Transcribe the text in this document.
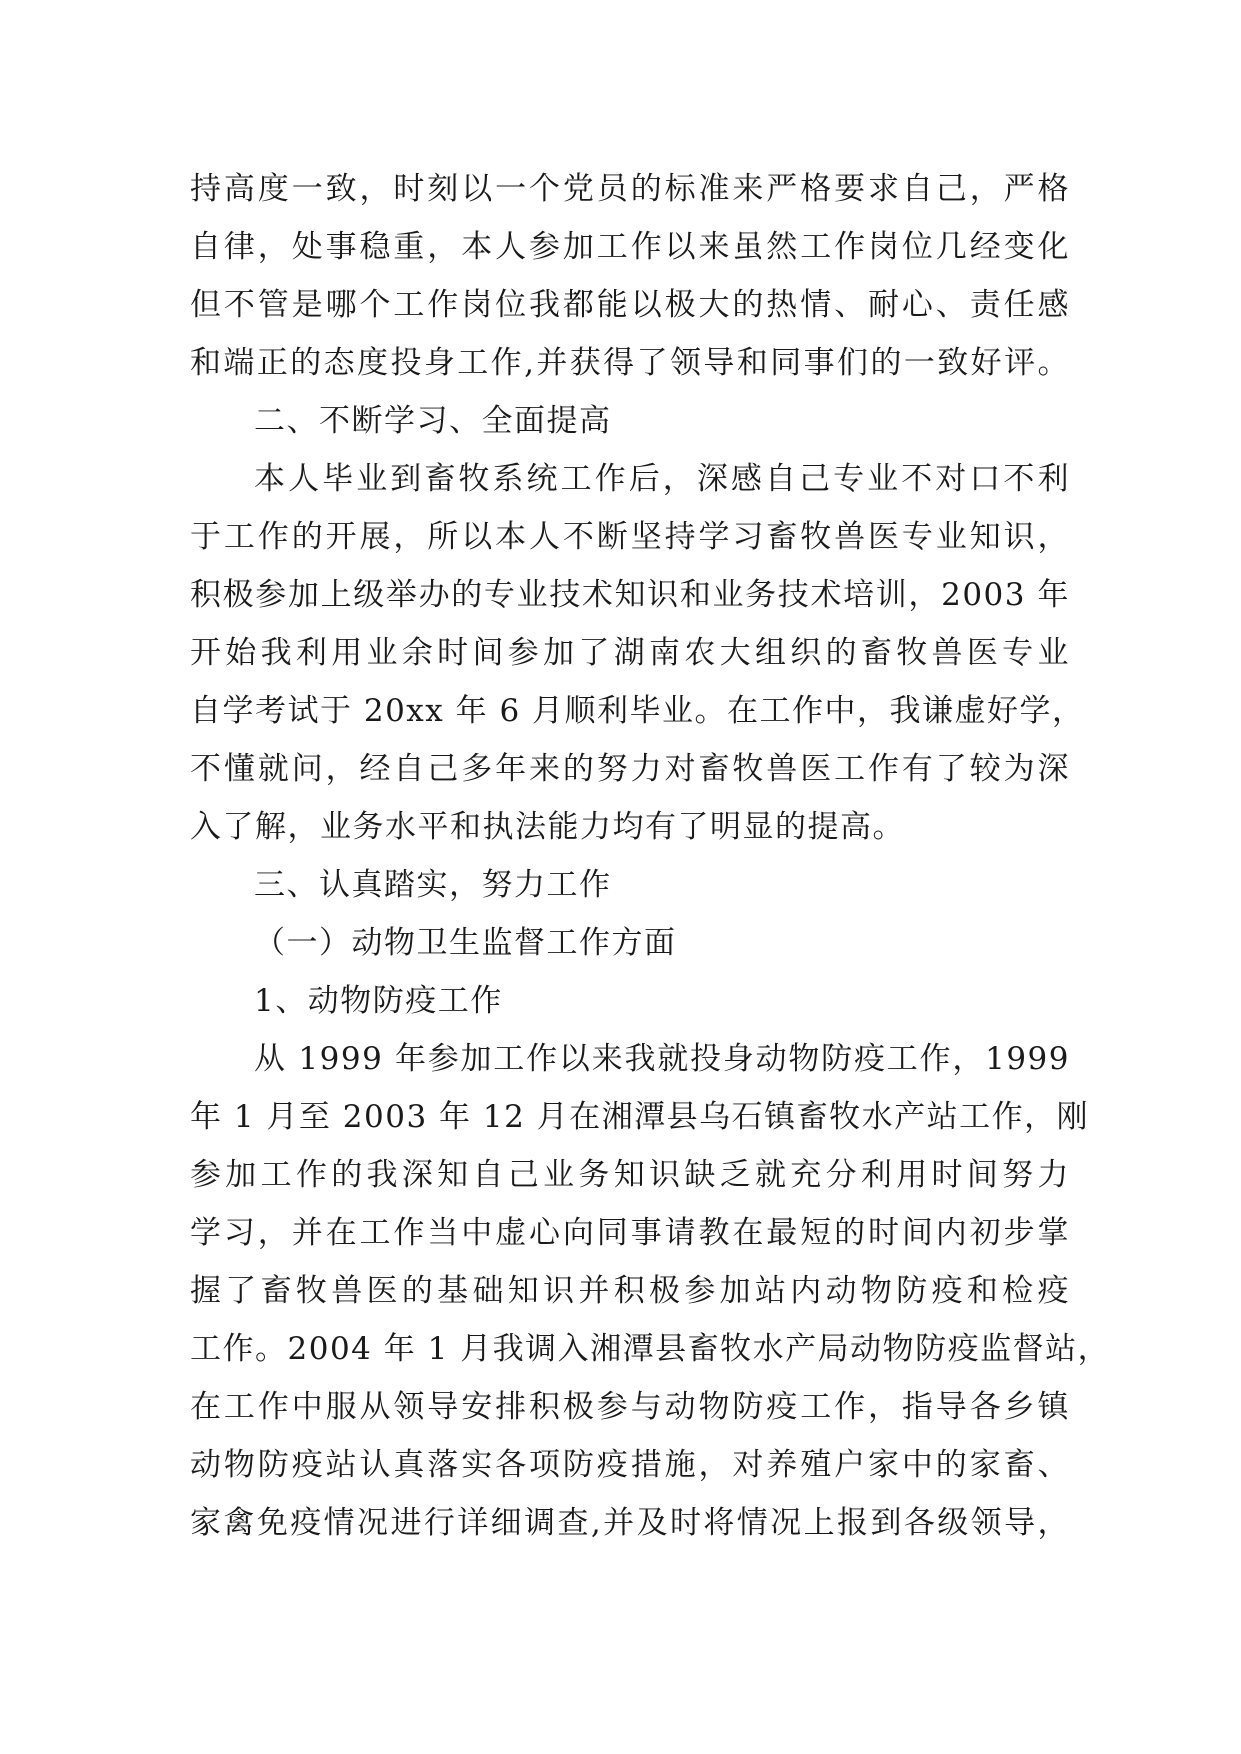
持高度一致，时刻以一个党员的标准来严格要求自己，严格
自律，处事稳重，本人参加工作以来虽然工作岗位几经变化
但不管是哪个工作岗位我都能以极大的热情、耐心、责任感
和端正的态度投身工作,并获得了领导和同事们的一致好评。
二、不断学习、全面提高
本人毕业到畜牧系统工作后，深感自己专业不对口不利
于工作的开展，所以本人不断坚持学习畜牧兽医专业知识，
积极参加上级举办的专业技术知识和业务技术培训，2003 年
开始我利用业余时间参加了湖南农大组织的畜牧兽医专业
自学考试于 20xx 年 6 月顺利毕业。在工作中，我谦虚好学，
不懂就问，经自己多年来的努力对畜牧兽医工作有了较为深
入了解，业务水平和执法能力均有了明显的提高。
三、认真踏实，努力工作
（一）动物卫生监督工作方面
1、动物防疫工作
从 1999 年参加工作以来我就投身动物防疫工作，1999
年 1 月至 2003 年 12 月在湘潭县乌石镇畜牧水产站工作，刚
参加工作的我深知自己业务知识缺乏就充分利用时间努力
学习，并在工作当中虚心向同事请教在最短的时间内初步掌
握了畜牧兽医的基础知识并积极参加站内动物防疫和检疫
工作。2004 年 1 月我调入湘潭县畜牧水产局动物防疫监督站，
在工作中服从领导安排积极参与动物防疫工作，指导各乡镇
动物防疫站认真落实各项防疫措施，对养殖户家中的家畜、
家禽免疫情况进行详细调查,并及时将情况上报到各级领导，
